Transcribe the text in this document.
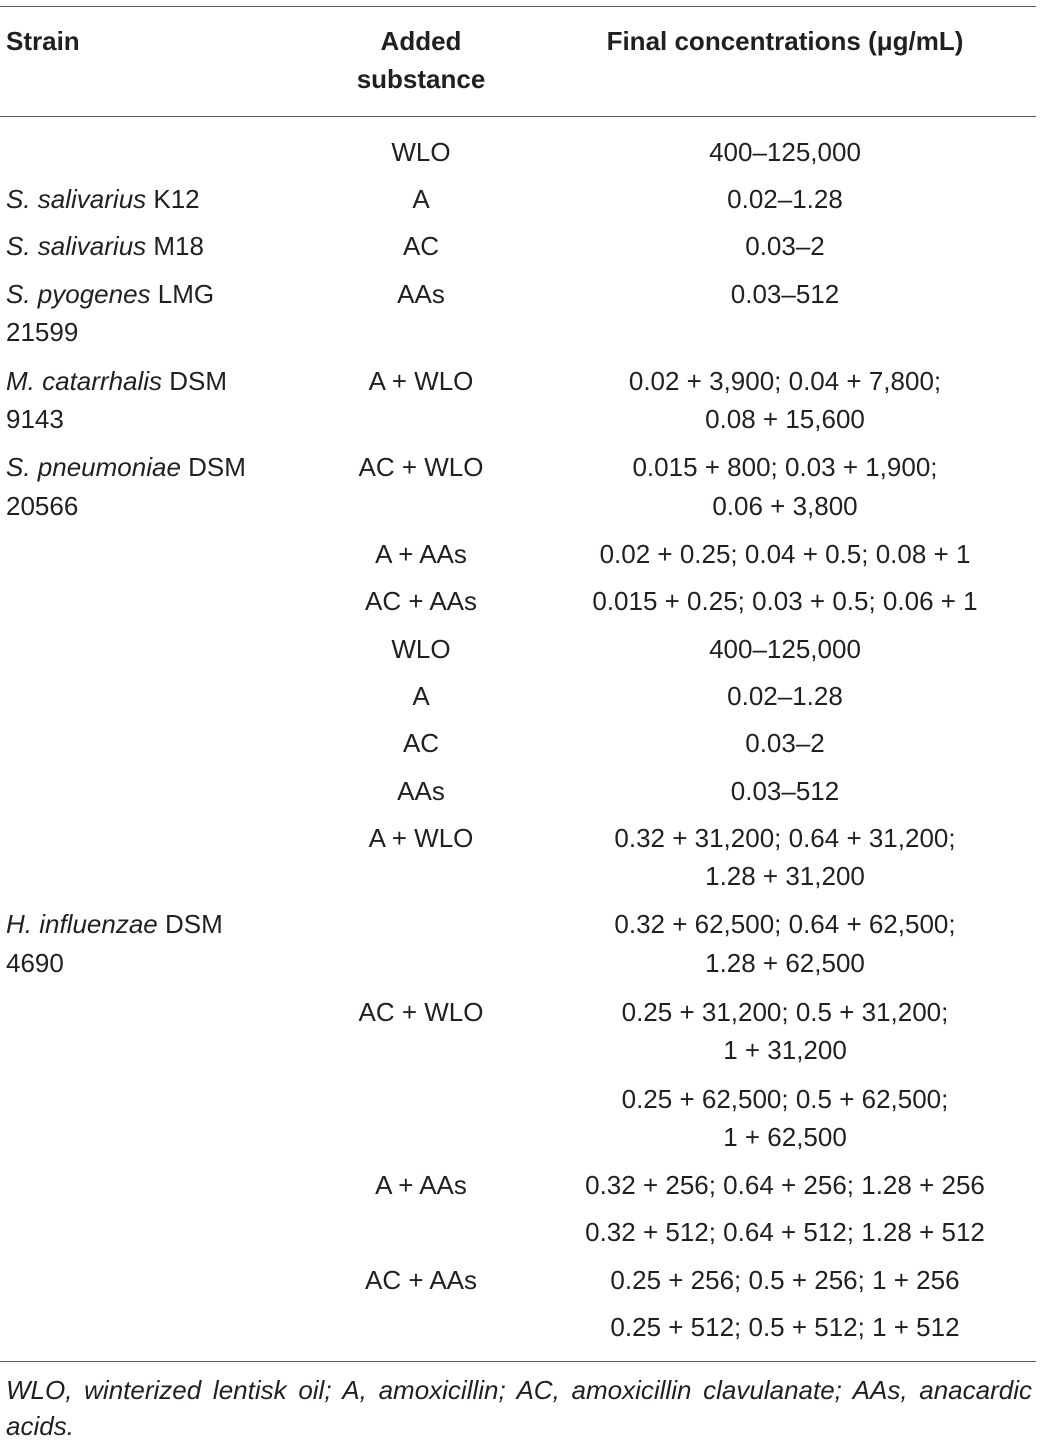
Strain	Added
substance
Final concentrations (μg/mL)
S. salivarius K12
S. salivarius M18
S. pyogenes LMG
21599
M. catarrhalis DSM
9143
S. pneumoniae DSM
20566
H. influenzae DSM
4690
WLO
A
AC
AAs
A + WLO
AC + WLO
A + AAs
AC + AAs
WLO
A
AC
AAs
A + WLO
AC + WLO
A + AAs
AC + AAs
400–125,000
0.02–1.28
0.03–2
0.03–512
0.02 + 3,900; 0.04 + 7,800;
0.08 + 15,600
0.015 + 800; 0.03 + 1,900;
0.06 + 3,800
0.02 + 0.25; 0.04 + 0.5; 0.08 + 1
0.015 + 0.25; 0.03 + 0.5; 0.06 + 1
400–125,000
0.02–1.28
0.03–2
0.03–512
0.32 + 31,200; 0.64 + 31,200;
1.28 + 31,200
0.32 + 62,500; 0.64 + 62,500;
1.28 + 62,500
0.25 + 31,200; 0.5 + 31,200;
1 + 31,200
0.25 + 62,500; 0.5 + 62,500;
1 + 62,500
0.32 + 256; 0.64 + 256; 1.28 + 256
0.32 + 512; 0.64 + 512; 1.28 + 512
0.25 + 256; 0.5 + 256; 1 + 256
0.25 + 512; 0.5 + 512; 1 + 512
WLO, winterized lentisk oil; A, amoxicillin; AC, amoxicillin clavulanate; AAs, anacardic acids.
